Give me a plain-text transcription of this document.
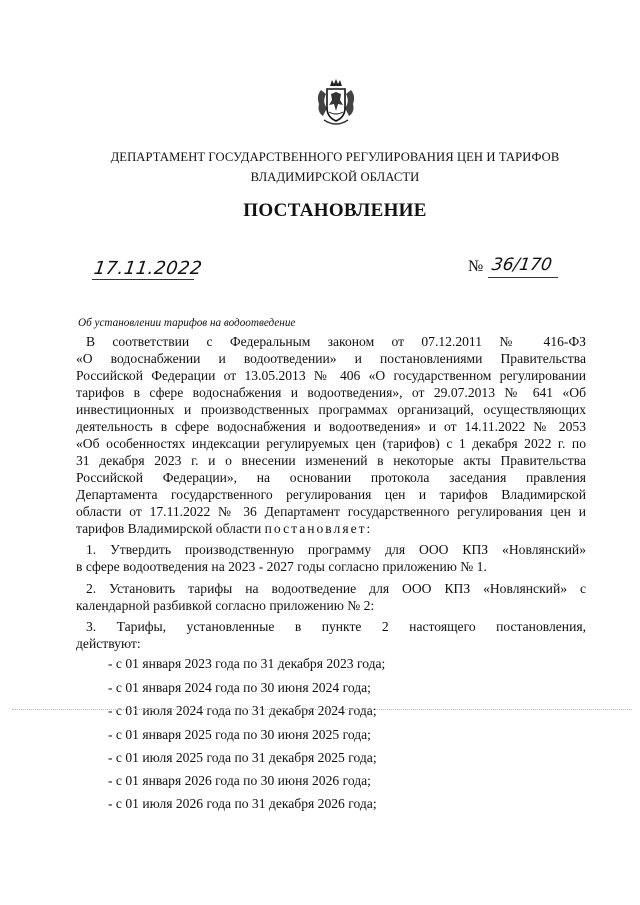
ДЕПАРТАМЕНТ ГОСУДАРСТВЕННОГО РЕГУЛИРОВАНИЯ ЦЕН И ТАРИФОВ
ВЛАДИМИРСКОЙ ОБЛАСТИ
ПОСТАНОВЛЕНИЕ
17.11.2022	№ 36/170
Об установлении тарифов на водоотведение

В соответствии с Федеральным законом от 07.12.2011 № 416-ФЗ

«О водоснабжении и водоотведении» и постановлениями Правительства

Российской Федерации от 13.05.2013 № 406 «О государственном регулировании

тарифов в сфере водоснабжения и водоотведения», от 29.07.2013 № 641 «Об

инвестиционных и производственных программах организаций, осуществляющих

деятельность в сфере водоснабжения и водоотведения» и от 14.11.2022 № 2053

«Об особенностях индексации регулируемых цен (тарифов) с 1 декабря 2022 г. по

31 декабря 2023 г. и о внесении изменений в некоторые акты Правительства

Российской Федерации», на основании протокола заседания правления

Департамента государственного регулирования цен и тарифов Владимирской

области от 17.11.2022 № 36 Департамент государственного регулирования цен и

тарифов Владимирской области постановляет:

1. Утвердить производственную программу для ООО КПЗ «Новлянский»

в сфере водоотведения на 2023 - 2027 годы согласно приложению № 1.

2. Установить тарифы на водоотведение для ООО КПЗ «Новлянский» с

календарной разбивкой согласно приложению № 2:

3. Тарифы, установленные в пункте 2 настоящего постановления,

действуют:

- с 01 января 2023 года по 31 декабря 2023 года;
- с 01 января 2024 года по 30 июня 2024 года;
- с 01 июля 2024 года по 31 декабря 2024 года;
- с 01 января 2025 года по 30 июня 2025 года;
- с 01 июля 2025 года по 31 декабря 2025 года;
- с 01 января 2026 года по 30 июня 2026 года;
- с 01 июля 2026 года по 31 декабря 2026 года;
